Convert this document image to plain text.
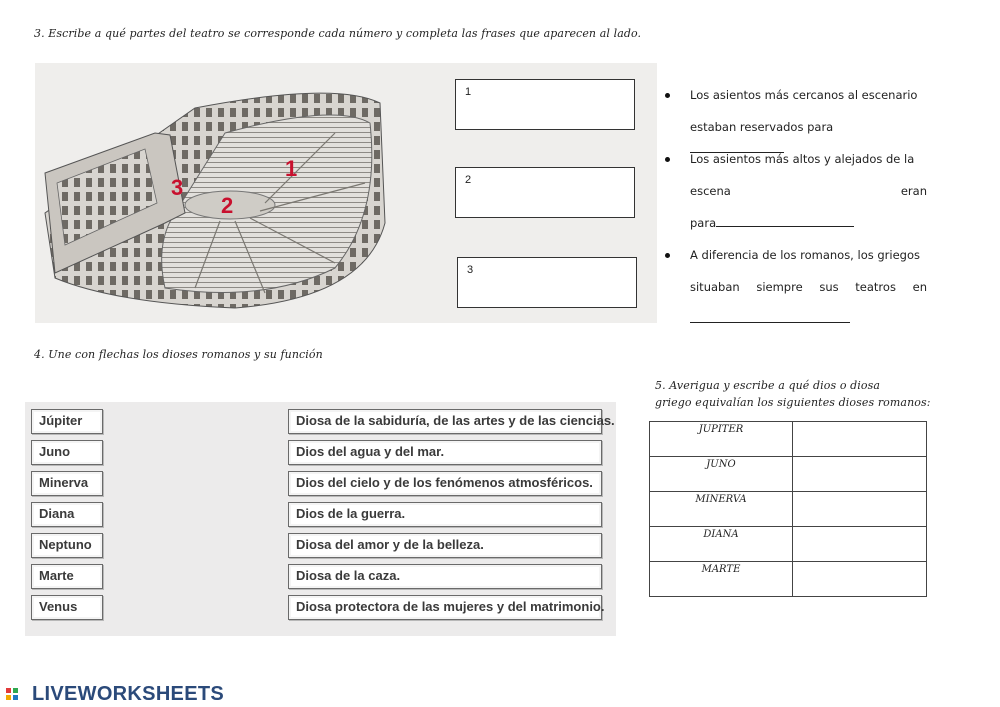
3. Escribe a qué partes del teatro se corresponde cada número y completa las frases que aparecen al lado.
1
2
3
1
2
3
Los asientos más cercanos al escenario
estaban reservados para
Los asientos más altos y alejados de la
escena	eran
para
A diferencia de los romanos, los griegos
situaban siempre sus teatros en
4. Une con flechas los dioses romanos y su función
Júpiter
Juno
Minerva
Diana
Neptuno
Marte
Venus
Diosa de la sabiduría, de las artes y de las ciencias.
Dios del agua y del mar.
Dios del cielo y de los fenómenos atmosféricos.
Dios de la guerra.
Diosa del amor y de la belleza.
Diosa de la caza.
Diosa protectora de las mujeres y del matrimonio.
5. Averigua y escribe a qué dios o diosa
griego equivalían los siguientes dioses romanos:
JUPITER	
JUNO	
MINERVA	
DIANA	
MARTE	
LIVEWORKSHEETS
